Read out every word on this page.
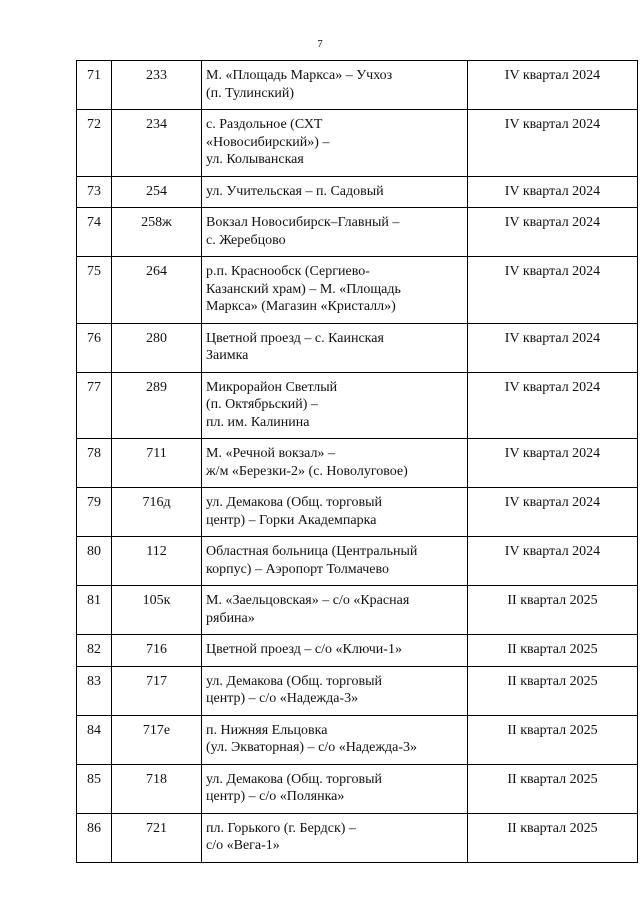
7
71	233	М. «Площадь Маркса» – Учхоз
(п. Тулинский)	IV квартал 2024
72	234	с. Раздольное (СХТ
«Новосибирский») –
ул. Колыванская	IV квартал 2024
73	254	ул. Учительская – п. Садовый	IV квартал 2024
74	258ж	Вокзал Новосибирск–Главный –
с. Жеребцово	IV квартал 2024
75	264	р.п. Краснообск (Сергиево-
Казанский храм) – М. «Площадь
Маркса» (Магазин «Кристалл»)	IV квартал 2024
76	280	Цветной проезд – с. Каинская
Заимка	IV квартал 2024
77	289	Микрорайон Светлый
(п. Октябрьский) –
пл. им. Калинина	IV квартал 2024
78	711	М. «Речной вокзал» –
ж/м «Березки-2» (с. Новолуговое)	IV квартал 2024
79	716д	ул. Демакова (Общ. торговый
центр) – Горки Академпарка	IV квартал 2024
80	112	Областная больница (Центральный
корпус) – Аэропорт Толмачево	IV квартал 2024
81	105к	М. «Заельцовская» – с/о «Красная
рябина»	II квартал 2025
82	716	Цветной проезд – с/о «Ключи-1»	II квартал 2025
83	717	ул. Демакова (Общ. торговый
центр) – с/о «Надежда-3»	II квартал 2025
84	717е	п. Нижняя Ельцовка
(ул. Экваторная) – с/о «Надежда-3»	II квартал 2025
85	718	ул. Демакова (Общ. торговый
центр) – с/о «Полянка»	II квартал 2025
86	721	пл. Горького (г. Бердск) –
с/о «Вега-1»	II квартал 2025
